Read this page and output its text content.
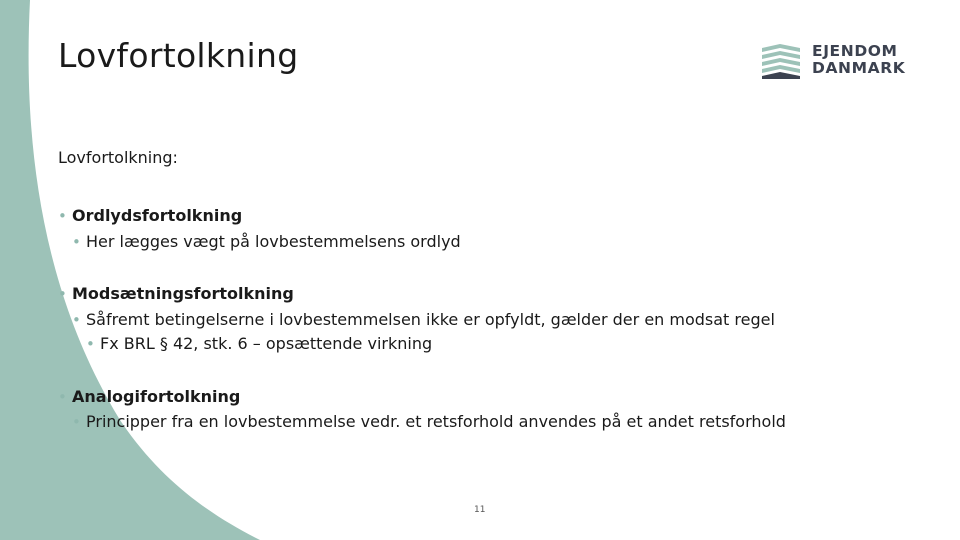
Lovfortolkning	EJENDOM
DANMARK
Lovfortolkning:
• Ordlydsfortolkning
• Her lægges vægt på lovbestemmelsens ordlyd
• Modsætningsfortolkning
• Såfremt betingelserne i lovbestemmelsen ikke er opfyldt, gælder der en modsat regel
• Fx BRL § 42, stk. 6 – opsættende virkning
• Analogifortolkning
• Principper fra en lovbestemmelse vedr. et retsforhold anvendes på et andet retsforhold
11
